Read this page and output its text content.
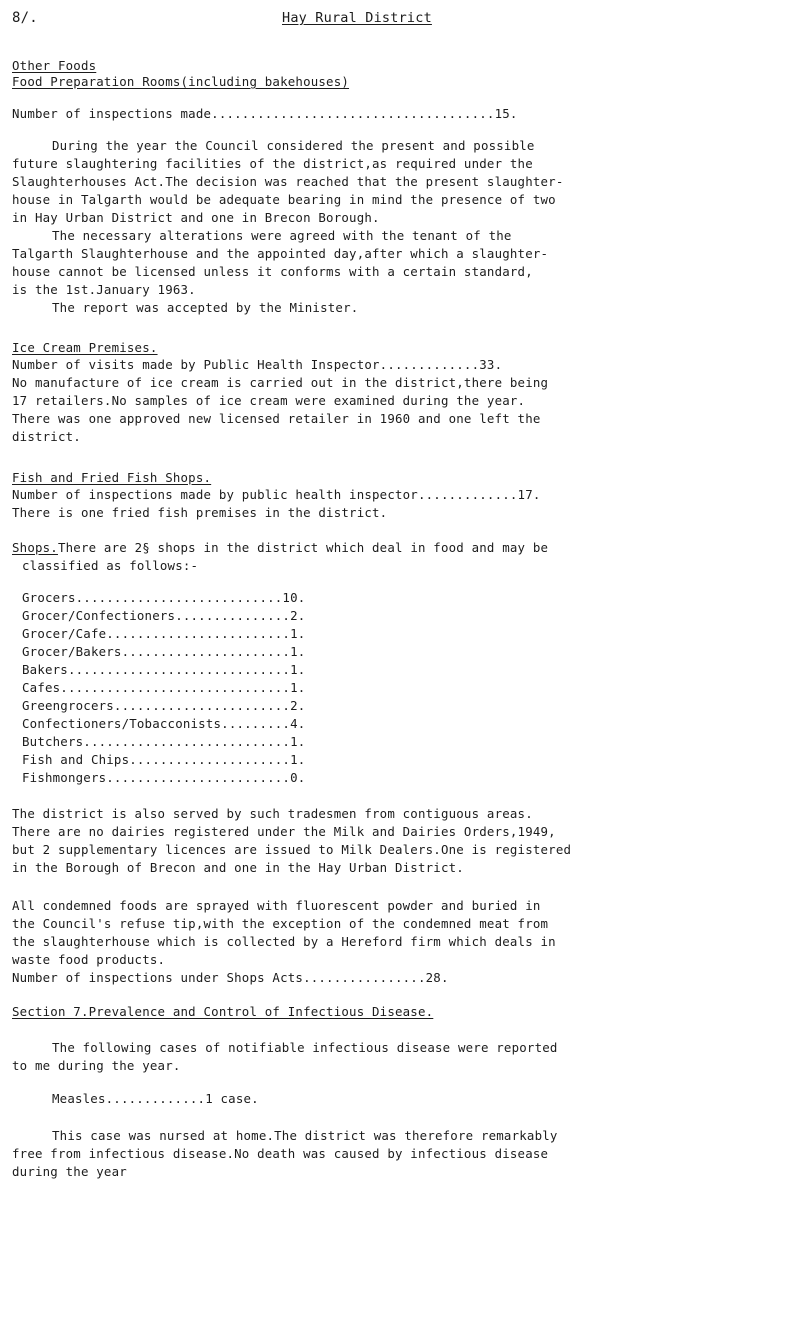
8/.	Hay Rural District
Other Foods
Food Preparation Rooms(including bakehouses)
Number of inspections made.....................................15.
During the year the Council considered the present and possible
future slaughtering facilities of the district,as required under the
Slaughterhouses Act.The decision was reached that the present slaughter-
house in Talgarth would be adequate bearing in mind the presence of two
in Hay Urban District and one in Brecon Borough.
The necessary alterations were agreed with the tenant of the
Talgarth Slaughterhouse and the appointed day,after which a slaughter-
house cannot be licensed unless it conforms with a certain standard,
is the 1st.January 1963.
The report was accepted by the Minister.
Ice Cream Premises.
Number of visits made by Public Health Inspector.............33.
No manufacture of ice cream is carried out in the district,there being
17 retailers.No samples of ice cream were examined during the year.
There was one approved new licensed retailer in 1960 and one left the
district.
Fish and Fried Fish Shops.
Number of inspections made by public health inspector.............17.
There is one fried fish premises in the district.
Shops.There are 2§ shops in the district which deal in food and may be
classified as follows:-
Grocers...........................10.
Grocer/Confectioners...............2.
Grocer/Cafe........................1.
Grocer/Bakers......................1.
Bakers.............................1.
Cafes..............................1.
Greengrocers.......................2.
Confectioners/Tobacconists.........4.
Butchers...........................1.
Fish and Chips.....................1.
Fishmongers........................0.
The district is also served by such tradesmen from contiguous areas.
There are no dairies registered under the Milk and Dairies Orders,1949,
but 2 supplementary licences are issued to Milk Dealers.One is registered
in the Borough of Brecon and one in the Hay Urban District.
All condemned foods are sprayed with fluorescent powder and buried in
the Council's refuse tip,with the exception of the condemned meat from
the slaughterhouse which is collected by a Hereford firm which deals in
waste food products.
Number of inspections under Shops Acts................28.
Section 7.Prevalence and Control of Infectious Disease.
The following cases of notifiable infectious disease were reported
to me during the year.
Measles.............1 case.
This case was nursed at home.The district was therefore remarkably
free from infectious disease.No death was caused by infectious disease
during the year
